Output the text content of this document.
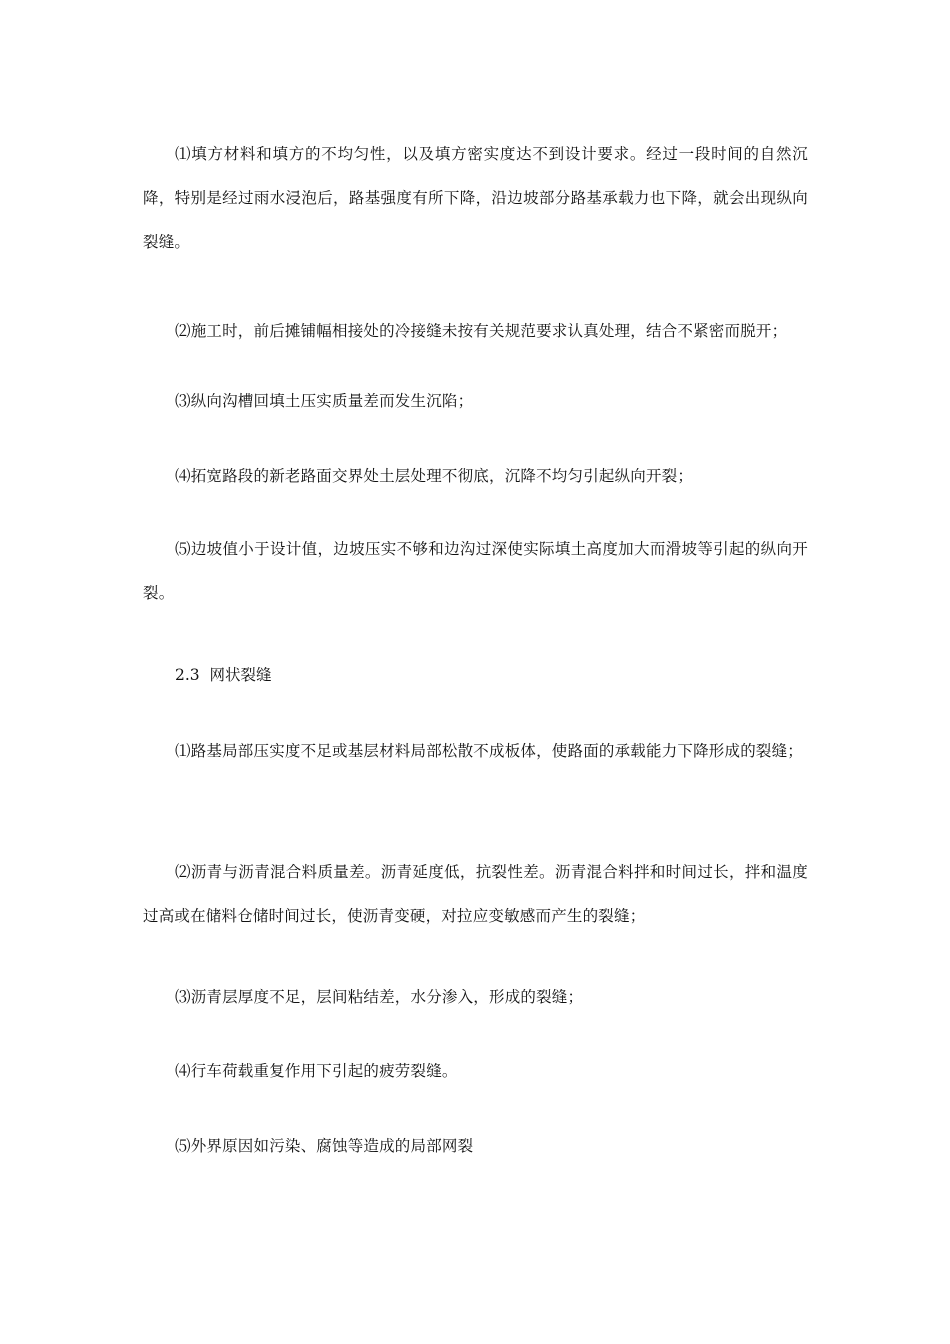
⑴填方材料和填方的不均匀性，以及填方密实度达不到设计要求。经过一段时间的自然沉降，特别是经过雨水浸泡后，路基强度有所下降，沿边坡部分路基承载力也下降，就会出现纵向裂缝。

⑵施工时，前后摊铺幅相接处的冷接缝未按有关规范要求认真处理，结合不紧密而脱开；

⑶纵向沟槽回填土压实质量差而发生沉陷；

⑷拓宽路段的新老路面交界处土层处理不彻底，沉降不均匀引起纵向开裂；

⑸边坡值小于设计值，边坡压实不够和边沟过深使实际填土高度加大而滑坡等引起的纵向开裂。

2.3  网状裂缝

⑴路基局部压实度不足或基层材料局部松散不成板体，使路面的承载能力下降形成的裂缝；

⑵沥青与沥青混合料质量差。沥青延度低，抗裂性差。沥青混合料拌和时间过长，拌和温度过高或在储料仓储时间过长，使沥青变硬，对拉应变敏感而产生的裂缝；

⑶沥青层厚度不足，层间粘结差，水分渗入，形成的裂缝；

⑷行车荷载重复作用下引起的疲劳裂缝。

⑸外界原因如污染、腐蚀等造成的局部网裂
